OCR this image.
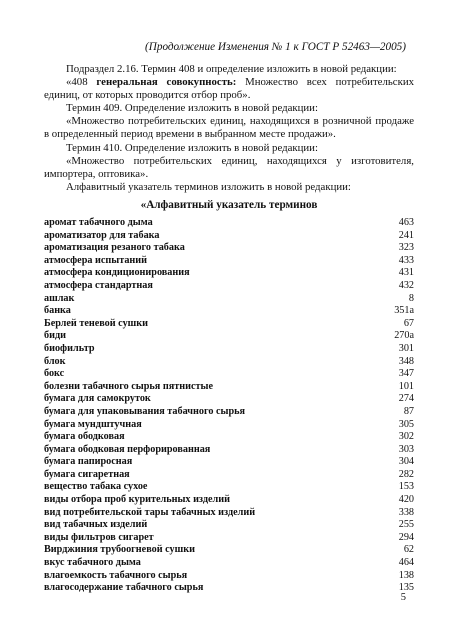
(Продолжение Изменения № 1 к ГОСТ Р 52463—2005)
Подраздел 2.16. Термин 408 и определение изложить в новой редакции:
«408 генеральная совокупность: Множество всех потребительских единиц, от которых проводится отбор проб».
Термин 409. Определение изложить в новой редакции:
«Множество потребительских единиц, находящихся в розничной продаже в определенный период времени в выбранном месте продажи».
Термин 410. Определение изложить в новой редакции:
«Множество потребительских единиц, находящихся у изготовителя, импортера, оптовика».
Алфавитный указатель терминов изложить в новой редакции:
«Алфавитный указатель терминов
аромат табачного дыма	463
ароматизатор для табака	241
ароматизация резаного табака	323
атмосфера испытаний	433
атмосфера кондиционирования	431
атмосфера стандартная	432
ашлак	8
банка	351а
Берлей теневой сушки	67
биди	270а
биофильтр	301
блок	348
бокс	347
болезни табачного сырья пятнистые	101
бумага для самокруток	274
бумага для упаковывания табачного сырья	87
бумага мундштучная	305
бумага ободковая	302
бумага ободковая перфорированная	303
бумага папиросная	304
бумага сигаретная	282
вещество табака сухое	153
виды отбора проб курительных изделий	420
вид потребительской тары табачных изделий	338
вид табачных изделий	255
виды фильтров сигарет	294
Вирджиния трубоогневой сушки	62
вкус табачного дыма	464
влагоемкость табачного сырья	138
влагосодержание табачного сырья	135
5
